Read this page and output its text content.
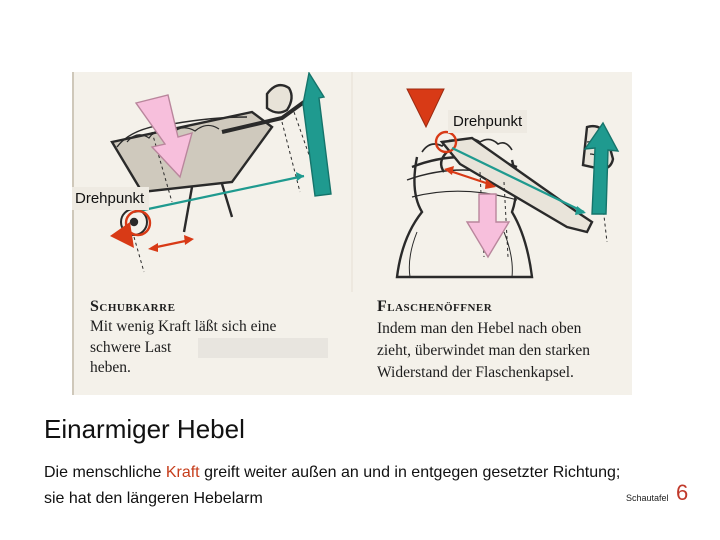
Drehpunkt
Drehpunkt
Schubkarre
Mit wenig Kraft läßt sich eine
schwere Last
heben.
Flaschenöffner
Indem man den Hebel nach oben
zieht, überwindet man den starken
Widerstand der Flaschenkapsel.
Einarmiger Hebel
Die menschliche Kraft greift weiter außen an und in entgegen gesetzter Richtung; sie hat den längeren Hebelarm	Schautafel 6
